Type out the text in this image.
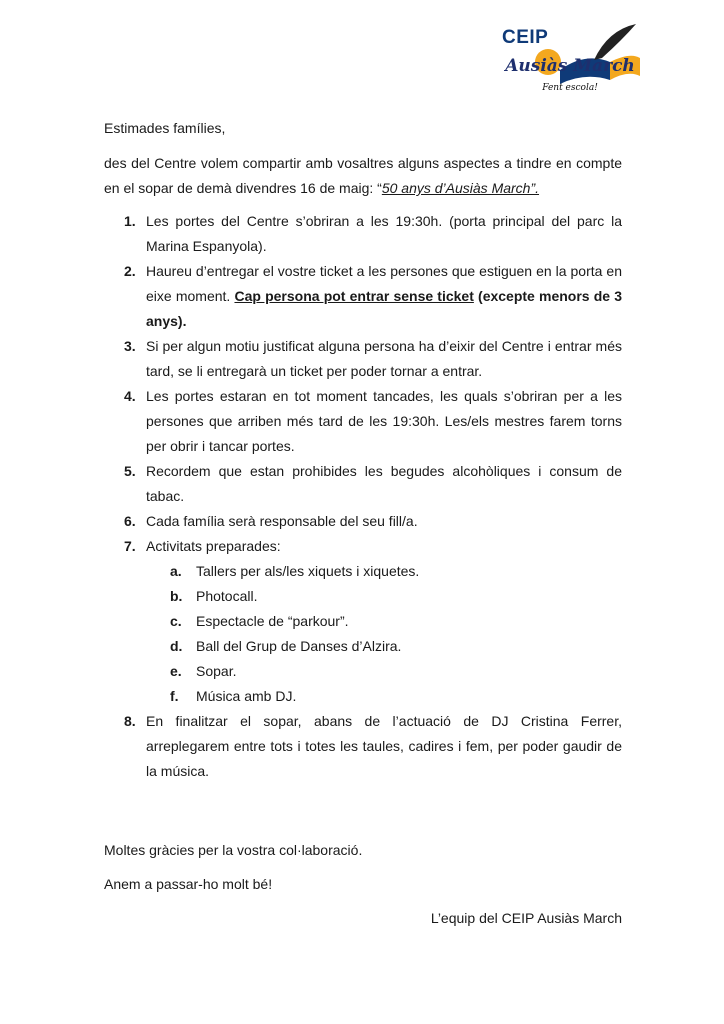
CEIP
Ausiàs March
Fent escola!

Estimades famílies,

des del Centre volem compartir amb vosaltres alguns aspectes a tindre en compte en el sopar de demà divendres 16 de maig: “50 anys d’Ausiàs March”.

1. Les portes del Centre s’obriran a les 19:30h. (porta principal del parc la Marina Espanyola).
2. Haureu d’entregar el vostre ticket a les persones que estiguen en la porta en eixe moment. Cap persona pot entrar sense ticket (excepte menors de 3 anys).
3. Si per algun motiu justificat alguna persona ha d’eixir del Centre i entrar més tard, se li entregarà un ticket per poder tornar a entrar.
4. Les portes estaran en tot moment tancades, les quals s’obriran per a les persones que arriben més tard de les 19:30h. Les/els mestres farem torns per obrir i tancar portes.
5. Recordem que estan prohibides les begudes alcohòliques i consum de tabac.
6. Cada família serà responsable del seu fill/a.
7. Activitats preparades:
a. Tallers per als/les xiquets i xiquetes.
b. Photocall.
c. Espectacle de “parkour”.
d. Ball del Grup de Danses d’Alzira.
e. Sopar.
f. Música amb DJ.
8. En finalitzar el sopar, abans de l’actuació de DJ Cristina Ferrer, arreplegarem entre tots i totes les taules, cadires i fem, per poder gaudir de la música.

Moltes gràcies per la vostra col·laboració.

Anem a passar-ho molt bé!

L’equip del CEIP Ausiàs March
